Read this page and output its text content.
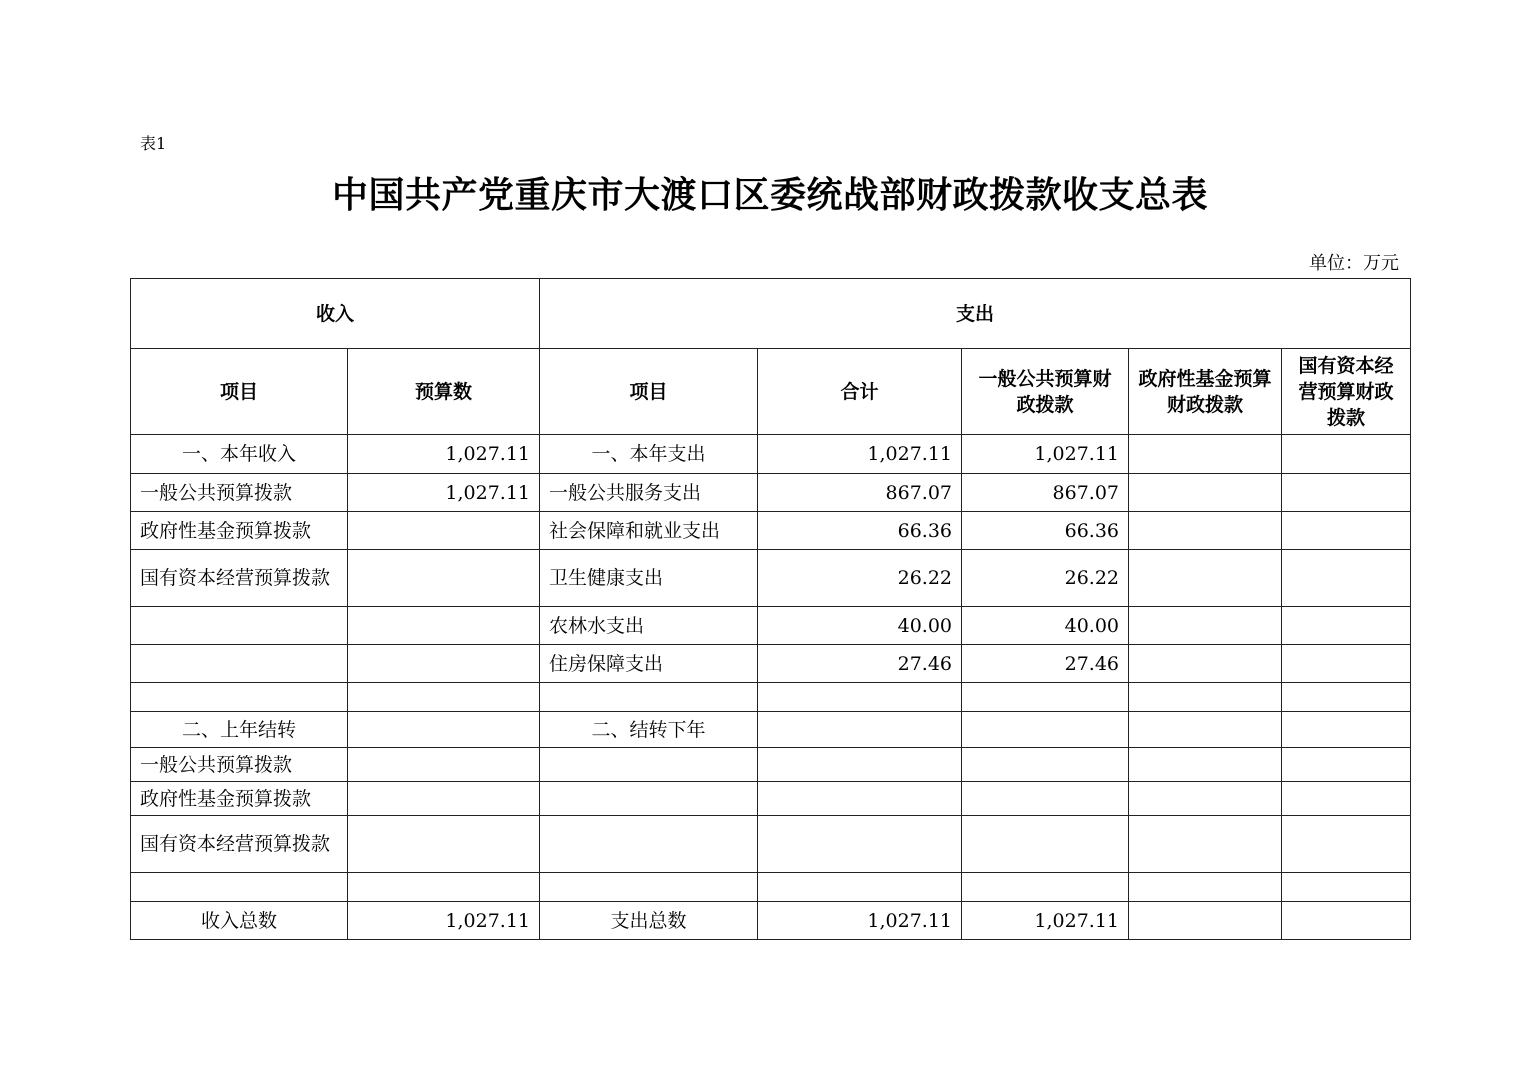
表1
中国共产党重庆市大渡口区委统战部财政拨款收支总表
单位：万元
收入		支出				
项目	预算数	项目	合计	一般公共预算财政拨款	政府性基金预算财政拨款	国有资本经营预算财政拨款
一、本年收入	1,027.11	一、本年支出	1,027.11	1,027.11		
一般公共预算拨款	1,027.11	一般公共服务支出	867.07	867.07		
政府性基金预算拨款		社会保障和就业支出	66.36	66.36		
国有资本经营预算拨款		卫生健康支出	26.22	26.22		
		农林水支出	40.00	40.00		
		住房保障支出	27.46	27.46		

二、上年结转		二、结转下年				
一般公共预算拨款						
政府性基金预算拨款						
国有资本经营预算拨款						

收入总数	1,027.11	支出总数	1,027.11	1,027.11		
